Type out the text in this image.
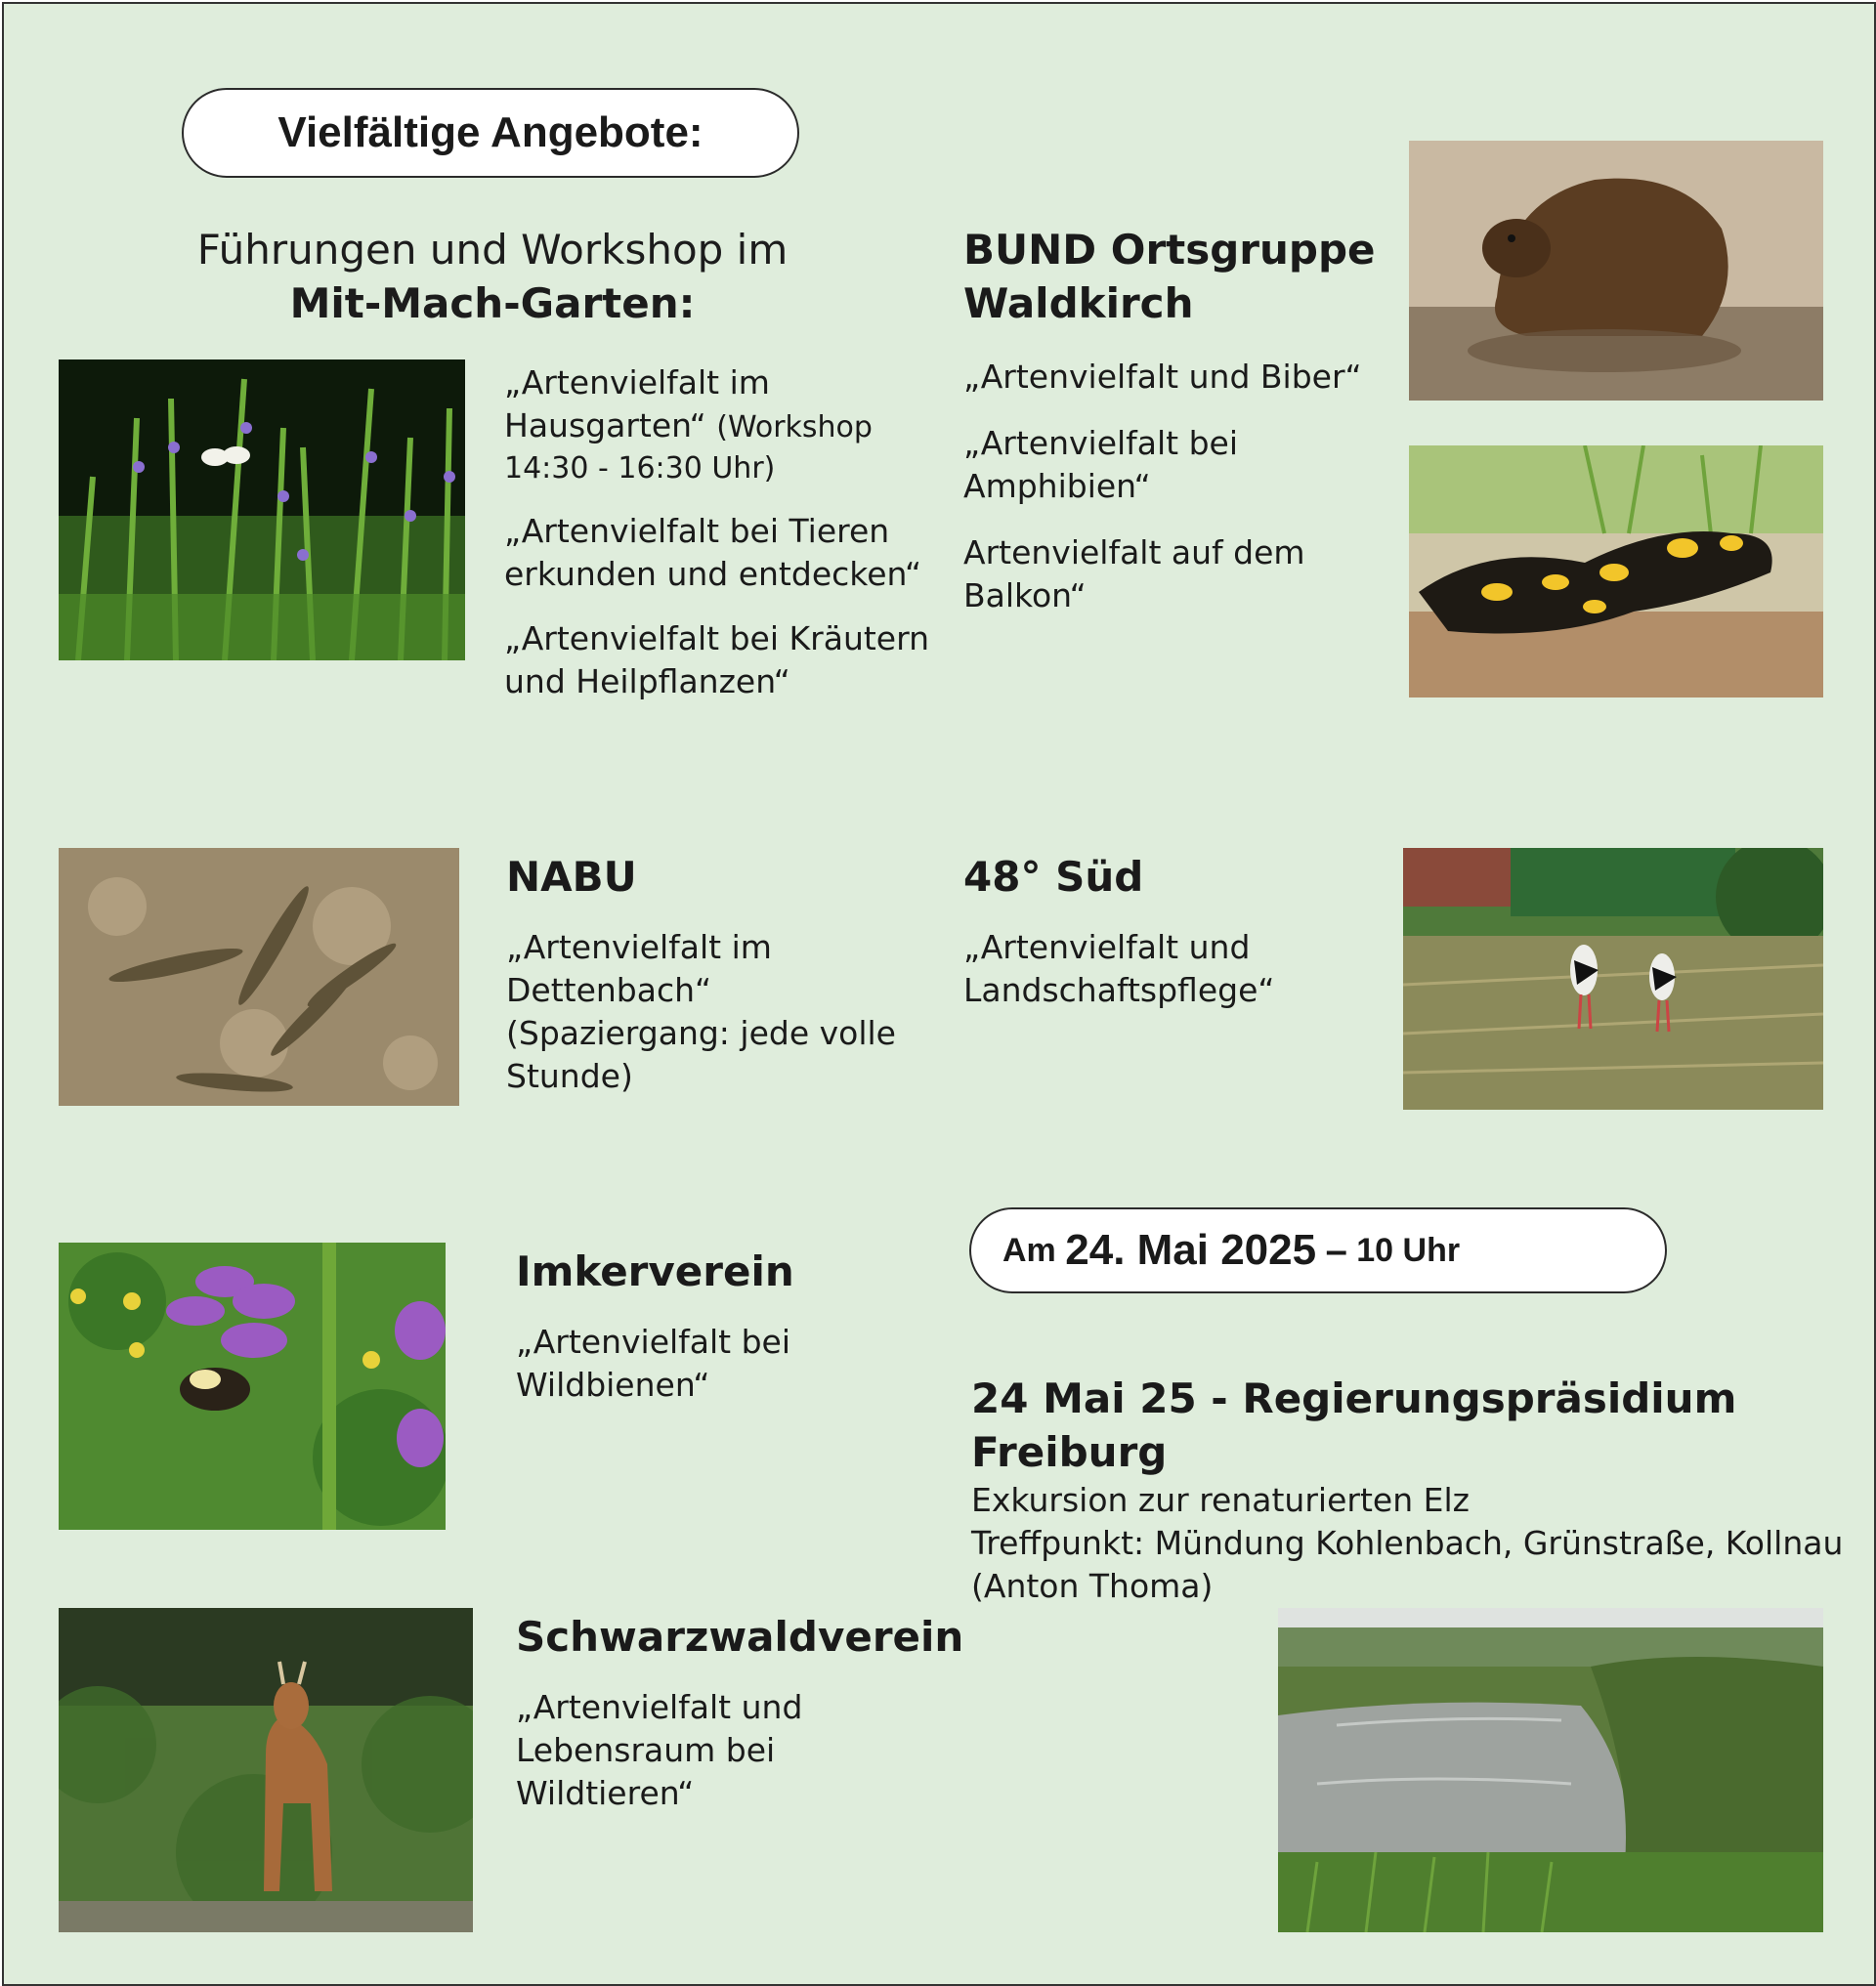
Vielfältige Angebote:
Führungen und Workshop im
Mit-Mach-Garten:

„Artenvielfalt im

Hausgarten“ (Workshop

14:30 - 16:30 Uhr)

„Artenvielfalt bei Tieren

erkunden und entdecken“

„Artenvielfalt bei Kräutern

und Heilpflanzen“

BUND Ortsgruppe
Waldkirch

„Artenvielfalt und Biber“

„Artenvielfalt bei

Amphibien“

Artenvielfalt auf dem

Balkon“

NABU

„Artenvielfalt im

Dettenbach“

(Spaziergang: jede volle

Stunde)

48° Süd

„Artenvielfalt und

Landschaftspflege“

Imkerverein

„Artenvielfalt bei

Wildbienen“

Am
24. Mai 2025
–
10 Uhr
24 Mai 25 - Regierungspräsidium
Freiburg

Exkursion zur renaturierten Elz

Treffpunkt: Mündung Kohlenbach, Grünstraße, Kollnau

(Anton Thoma)

Schwarzwaldverein

„Artenvielfalt und

Lebensraum bei

Wildtieren“
